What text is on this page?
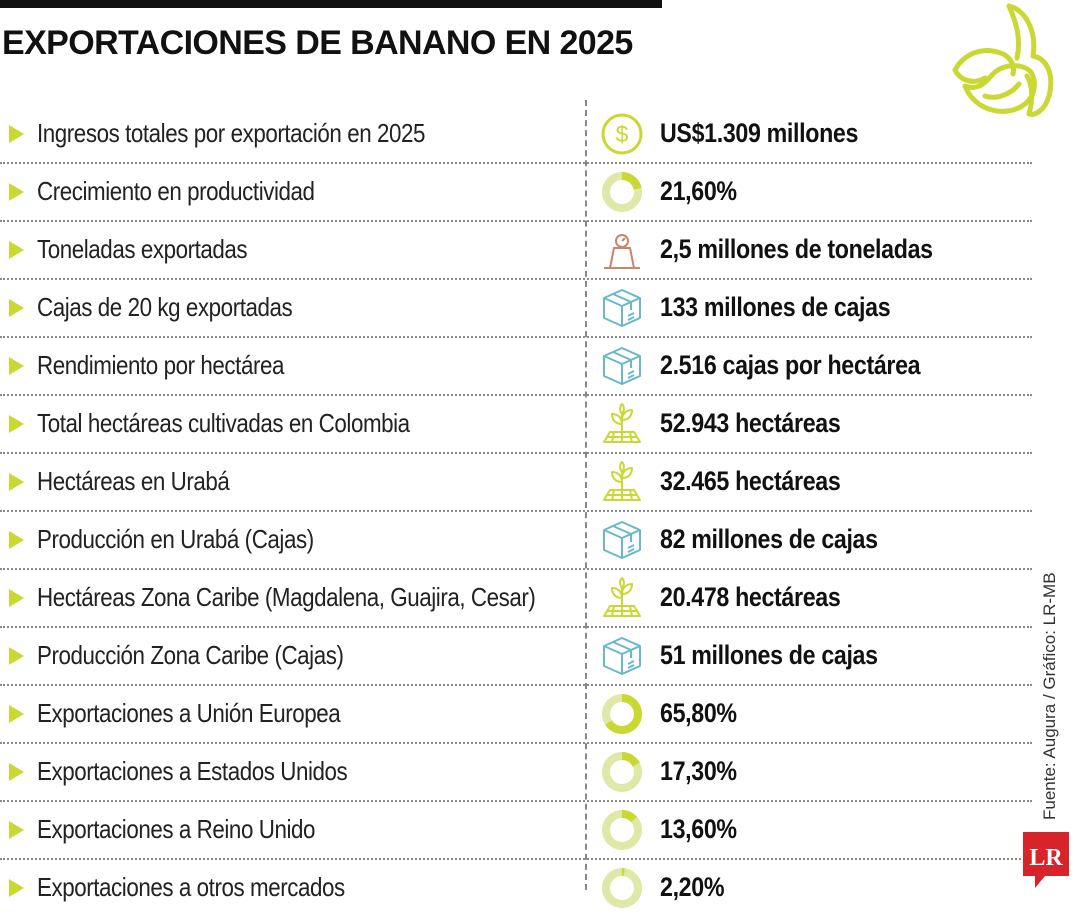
EXPORTACIONES DE BANANO EN 2025
Ingresos totales por exportación en 2025	$ US$1.309 millones
Crecimiento en productividad	21,60%
Toneladas exportadas	2,5 millones de toneladas
Cajas de 20 kg exportadas	133 millones de cajas
Rendimiento por hectárea	2.516 cajas por hectárea
Total hectáreas cultivadas en Colombia	52.943 hectáreas
Hectáreas en Urabá	32.465 hectáreas
Producción en Urabá (Cajas)	82 millones de cajas
Hectáreas Zona Caribe (Magdalena, Guajira, Cesar)	20.478 hectáreas
Producción Zona Caribe (Cajas)	51 millones de cajas
Exportaciones a Unión Europea	65,80%
Exportaciones a Estados Unidos	17,30%
Exportaciones a Reino Unido	13,60%
Exportaciones a otros mercados	2,20%
Fuente: Augura / Gráfico: LR-MB
LR
